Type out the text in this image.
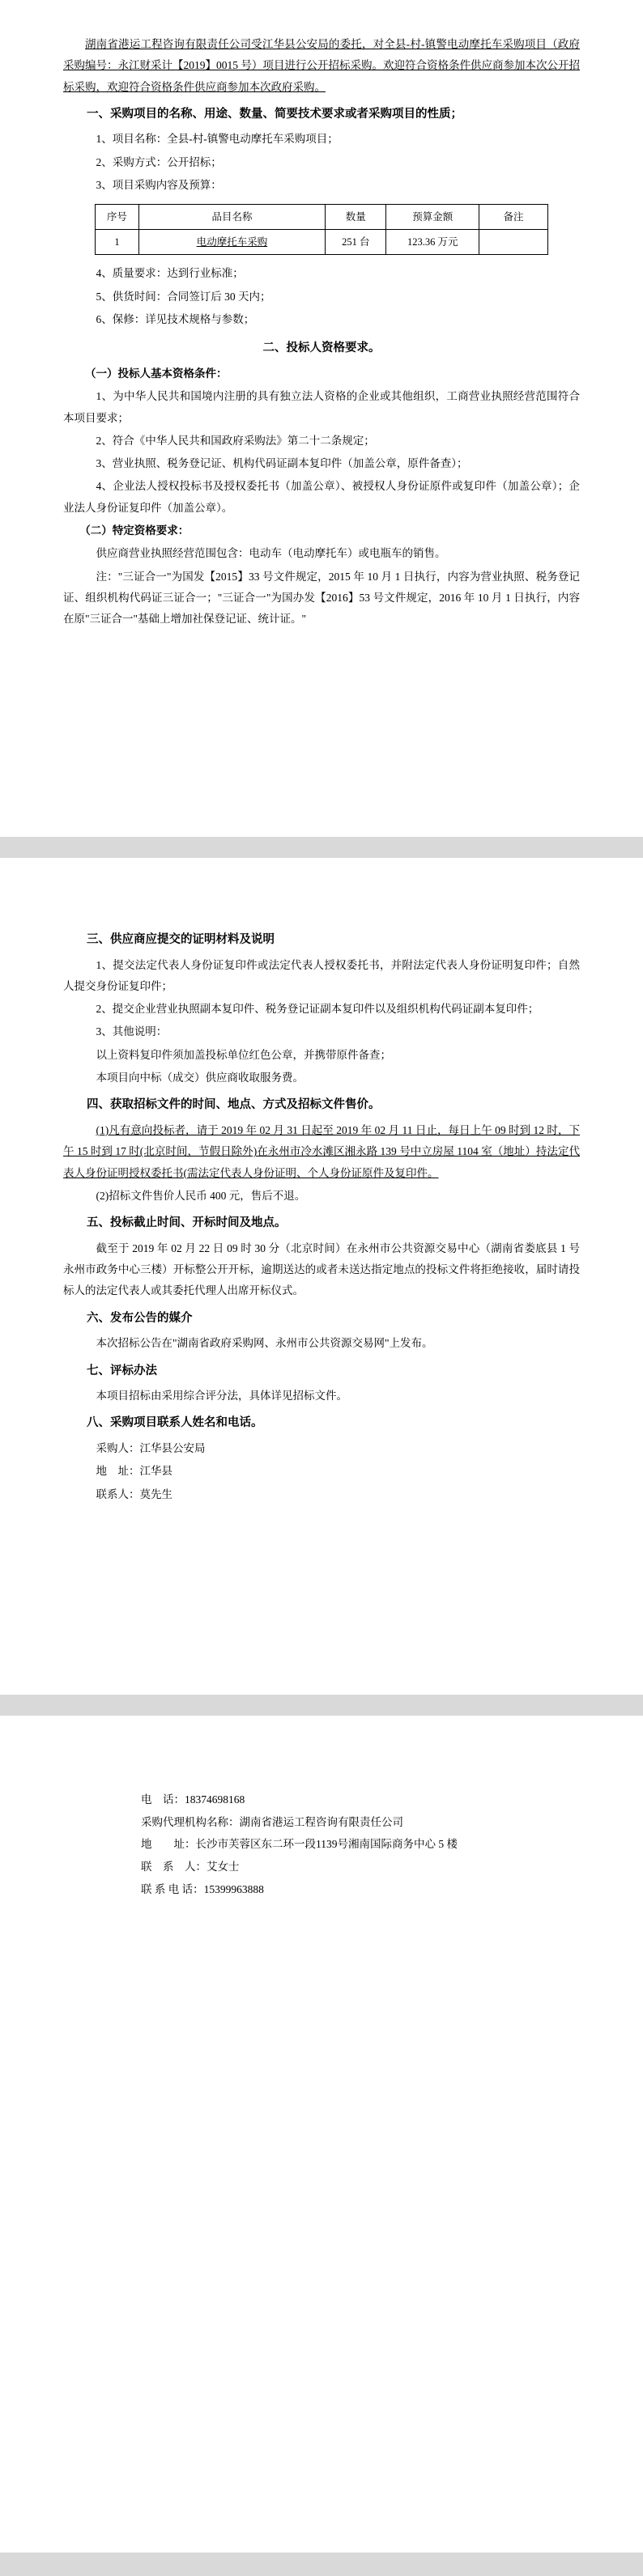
湖南省港运工程咨询有限责任公司受江华县公安局的委托，对全县-村-镇警电动摩托车采购项目（政府采购编号：永江财采计【2019】0015 号）项目进行公开招标采购。欢迎符合资格条件供应商参加本次公开招标采购，欢迎符合资格条件供应商参加本次政府采购。

一、采购项目的名称、用途、数量、简要技术要求或者采购项目的性质；

1、项目名称：全县-村-镇警电动摩托车采购项目；

2、采购方式：公开招标；

3、项目采购内容及预算：

序号	品目名称	数量	预算金额	备注
1	电动摩托车采购	251 台	123.36 万元	

4、质量要求：达到行业标准；

5、供货时间：合同签订后 30 天内；

6、保修：详见技术规格与参数；

二、投标人资格要求。

（一）投标人基本资格条件：

1、为中华人民共和国境内注册的具有独立法人资格的企业或其他组织，工商营业执照经营范围符合本项目要求；

2、符合《中华人民共和国政府采购法》第二十二条规定；

3、营业执照、税务登记证、机构代码证副本复印件（加盖公章，原件备查）；

4、企业法人授权投标书及授权委托书（加盖公章）、被授权人身份证原件或复印件（加盖公章）；企业法人身份证复印件（加盖公章）。

（二）特定资格要求：

供应商营业执照经营范围包含：电动车（电动摩托车）或电瓶车的销售。

注："三证合一"为国发【2015】33 号文件规定，2015 年 10 月 1 日执行，内容为营业执照、税务登记证、组织机构代码证三证合一；"三证合一"为国办发【2016】53 号文件规定，2016 年 10 月 1 日执行，内容在原"三证合一"基础上增加社保登记证、统计证。"

三、供应商应提交的证明材料及说明

1、提交法定代表人身份证复印件或法定代表人授权委托书，并附法定代表人身份证明复印件；自然人提交身份证复印件；

2、提交企业营业执照副本复印件、税务登记证副本复印件以及组织机构代码证副本复印件；

3、其他说明：

以上资料复印件须加盖投标单位红色公章，并携带原件备查；

本项目向中标（成交）供应商收取服务费。

四、获取招标文件的时间、地点、方式及招标文件售价。

(1)凡有意向投标者，请于 2019 年 02 月 31 日起至 2019 年 02 月 11 日止，每日上午 09 时到 12 时，下午 15 时到 17 时(北京时间，节假日除外)在永州市冷水滩区湘永路 139 号中立房屋 1104 室（地址）持法定代表人身份证明授权委托书(需法定代表人身份证明、个人身份证原件及复印件。

(2)招标文件售价人民币 400 元，售后不退。

五、投标截止时间、开标时间及地点。

截至于 2019 年 02 月 22 日 09 时 30 分（北京时间）在永州市公共资源交易中心（湖南省娄底县 1 号永州市政务中心三楼）开标整公开开标，逾期送达的或者未送达指定地点的投标文件将拒绝接收，届时请投标人的法定代表人或其委托代理人出席开标仪式。

六、发布公告的媒介

本次招标公告在"湖南省政府采购网、永州市公共资源交易网"上发布。

七、评标办法

本项目招标由采用综合评分法，具体详见招标文件。

八、采购项目联系人姓名和电话。

采购人：江华县公安局

地　址：江华县

联系人：莫先生

电　话：18374698168

采购代理机构名称：湖南省港运工程咨询有限责任公司

地　　址：长沙市芙蓉区东二环一段1139号湘南国际商务中心 5 楼

联　系　人：艾女士

联 系 电 话：15399963888
